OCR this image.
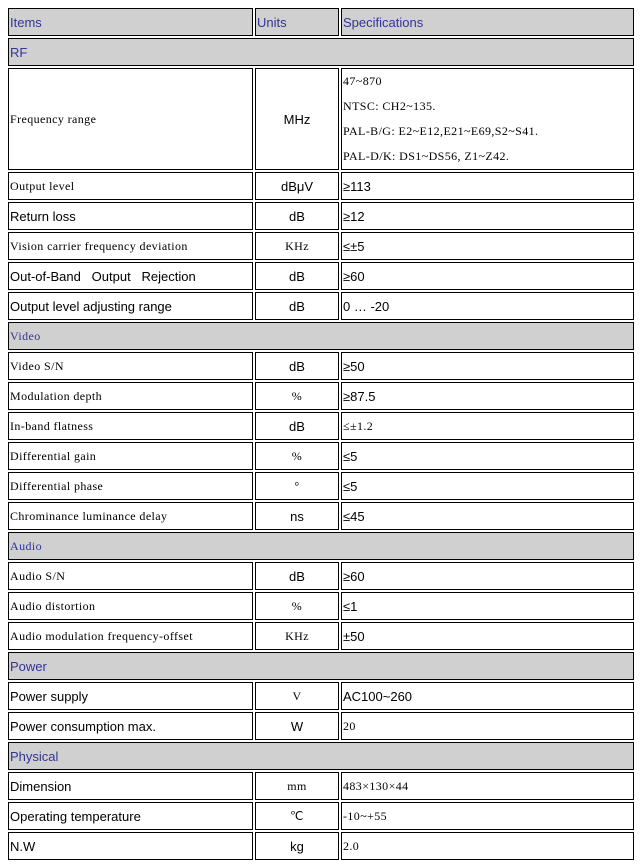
Items	Units	Specifications
RF		
Frequency range	MHz	47~870
NTSC: CH2~135.
PAL-B/G: E2~E12,E21~E69,S2~S41.
PAL-D/K: DS1~DS56, Z1~Z42.

Output level	dBμV	≥113
Return loss	dB	≥12
Vision carrier frequency deviation	KHz	≤±5
Out-of-Band   Output   Rejection	dB	≥60
Output level adjusting range	dB	0 … -20
Video		
Video S/N	dB	≥50
Modulation depth	%	≥87.5
In-band flatness	dB	≤±1.2
Differential gain	%	≤5
Differential phase	°	≤5
Chrominance luminance delay	ns	≤45
Audio		
Audio S/N	dB	≥60
Audio distortion	%	≤1
Audio modulation frequency-offset	KHz	±50
Power		
Power supply	V	AC100~260
Power consumption max.	W	20
Physical		
Dimension	mm	483×130×44
Operating temperature	℃	-10~+55
N.W	kg	2.0
